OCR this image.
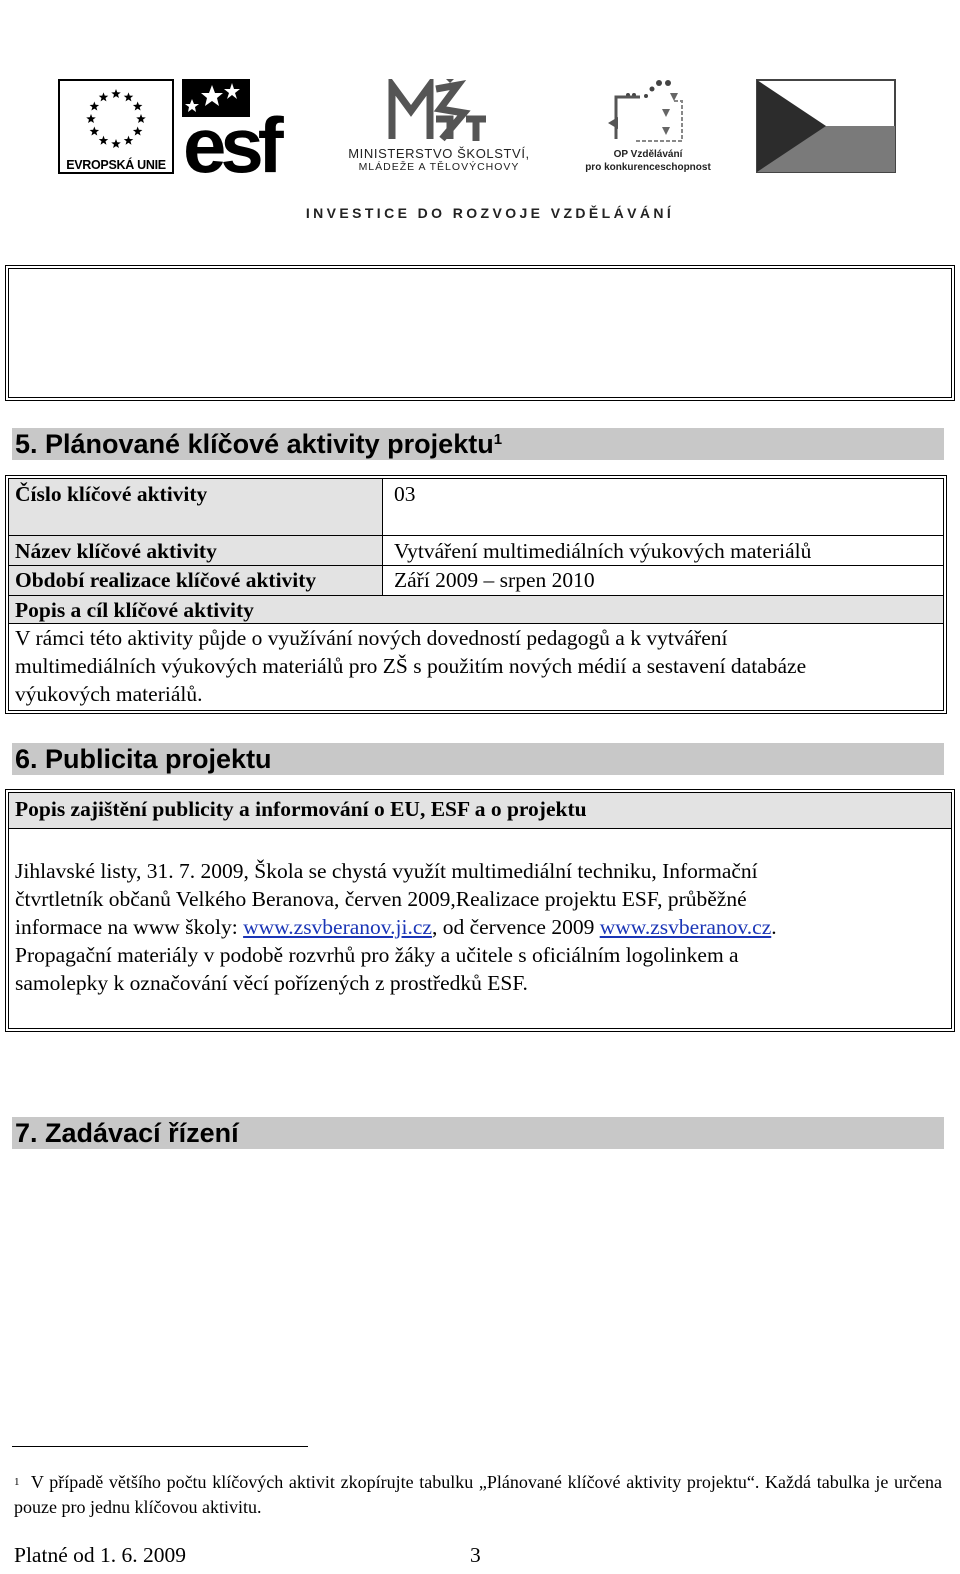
EVROPSKÁ UNIE esf	MINISTERSTVO ŠKOLSTVÍ,
MLÁDEŽE A TĚLOVÝCHOVY
OP Vzdělávání
pro konkurenceschopnost
INVESTICE DO ROZVOJE VZDĚLÁVÁNÍ
5. Plánované klíčové aktivity projektu$^1$
Číslo klíčové aktivity	03
Název klíčové aktivity	Vytváření multimediálních výukových materiálů
Období realizace klíčové aktivity	Září 2009 – srpen 2010
Popis a cíl klíčové aktivity
V rámci této aktivity půjde o využívání nových dovedností pedagogů a k vytváření
multimediálních výukových materiálů pro ZŠ s použitím nových médií a sestavení databáze
výukových materiálů.
6. Publicita projektu
Popis zajištění publicity a informování o EU, ESF a o projektu
Jihlavské listy, 31. 7. 2009, Škola se chystá využít multimediální techniku, Informační
čtvrtletník občanů Velkého Beranova, červen 2009,Realizace projektu ESF, průběžné
informace na www školy: www.zsvberanov.ji.cz, od července 2009 www.zsvberanov.cz.
Propagační materiály v podobě rozvrhů pro žáky a učitele s oficiálním logolinkem a
samolepky k označování věcí pořízených z prostředků ESF.
7. Zadávací řízení
$^1$ V případě většího počtu klíčových aktivit zkopírujte tabulku „Plánované klíčové aktivity projektu“. Každá tabulka je určena pouze pro jednu klíčovou aktivitu.
Platné od 1. 6. 2009	3
